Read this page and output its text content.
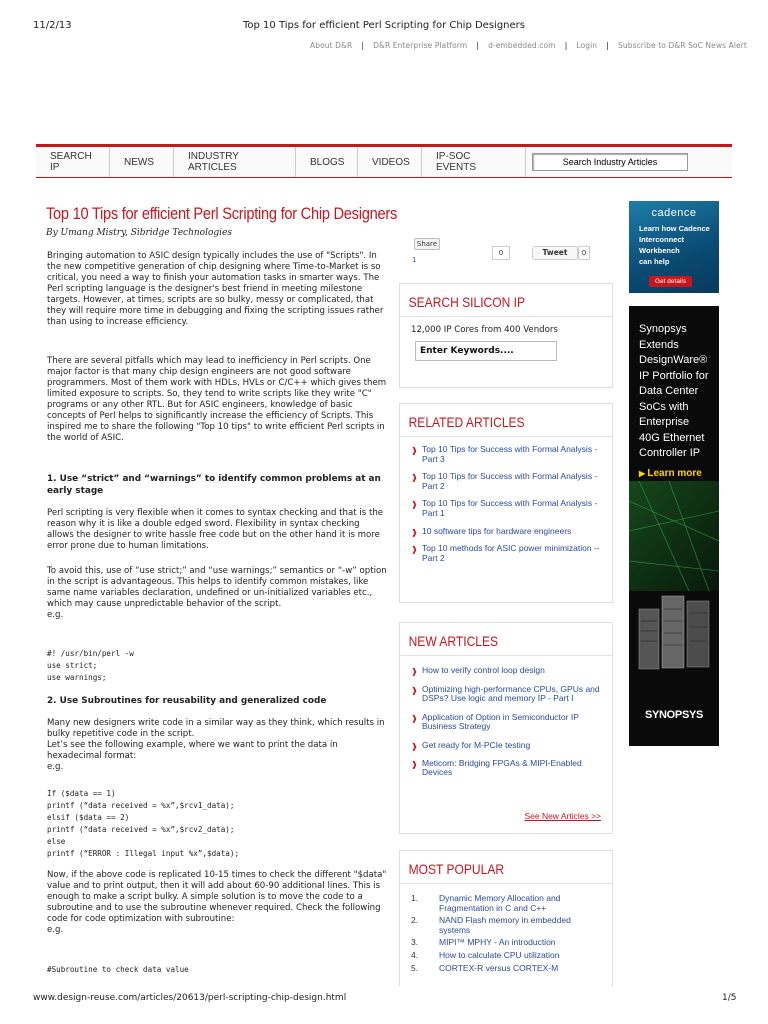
11/2/13	Top 10 Tips for efficient Perl Scripting for Chip Designers
About D&R | D&R Enterprise Platform | d-embedded.com | Login | Subscribe to D&R SoC News Alert
SEARCH IP	NEWS	INDUSTRY ARTICLES	BLOGS	VIDEOS	IP-SOC EVENTS	Search Industry Articles
Top 10 Tips for efficient Perl Scripting for Chip Designers
By Umang Mistry, Sibridge Technologies

Bringing automation to ASIC design typically includes the use of "Scripts". In the new competitive generation of chip designing where Time-to-Market is so critical, you need a way to finish your automation tasks in smarter ways. The Perl scripting language is the designer's best friend in meeting milestone targets. However, at times, scripts are so bulky, messy or complicated, that they will require more time in debugging and fixing the scripting issues rather than using to increase efficiency.

There are several pitfalls which may lead to inefficiency in Perl scripts. One major factor is that many chip design engineers are not good software programmers. Most of them work with HDLs, HVLs or C/C++ which gives them limited exposure to scripts. So, they tend to write scripts like they write "C" programs or any other RTL. But for ASIC engineers, knowledge of basic concepts of Perl helps to significantly increase the efficiency of Scripts. This inspired me to share the following "Top 10 tips" to write efficient Perl scripts in the world of ASIC.

1. Use “strict” and “warnings” to identify common problems at an early stage

Perl scripting is very flexible when it comes to syntax checking and that is the reason why it is like a double edged sword. Flexibility in syntax checking allows the designer to write hassle free code but on the other hand it is more error prone due to human limitations.

To avoid this, use of “use strict;” and “use warnings;” semantics or “-w” option in the script is advantageous. This helps to identify common mistakes, like same name variables declaration, undefined or un-initialized variables etc., which may cause unpredictable behavior of the script.

e.g.

#! /usr/bin/perl -w
use strict;
use warnings;
2. Use Subroutines for reusability and generalized code

Many new designers write code in a similar way as they think, which results in bulky repetitive code in the script.

Let’s see the following example, where we want to print the data in hexadecimal format:

e.g.

If ($data == 1)
printf (“data received = %x”,$rcv1_data);
elsif ($data == 2)
printf (“data received = %x”,$rcv2_data);
else
printf (“ERROR : Illegal input %x”,$data);

Now, if the above code is replicated 10-15 times to check the different "$data" value and to print output, then it will add about 60-90 additional lines. This is enough to make a script bulky. A simple solution is to move the code to a subroutine and to use the subroutine whenever required. Check the following code for code optimization with subroutine:

e.g.

#Subroutine to check data value
Share
1
0	Tweet	0
SEARCH SILICON IP
12,000 IP Cores from 400 Vendors
Enter Keywords....
RELATED ARTICLES
❱ Top 10 Tips for Success with Formal Analysis - Part 3
❱ Top 10 Tips for Success with Formal Analysis - Part 2
❱ Top 10 Tips for Success with Formal Analysis - Part 1
❱ 10 software tips for hardware engineers
❱ Top 10 methods for ASIC power minimization -- Part 2
NEW ARTICLES
❱ How to verify control loop design
❱ Optimizing high-performance CPUs, GPUs and DSPs? Use logic and memory IP - Part I
❱ Application of Option in Semiconductor IP Business Strategy
❱ Get ready for M-PCIe testing
❱ Meticom: Bridging FPGAs & MIPI-Enabled Devices
See New Articles >>
MOST POPULAR
1. Dynamic Memory Allocation and Fragmentation in C and C++
2. NAND Flash memory in embedded systems
3. MIPI™ MPHY - An introduction
4. How to calculate CPU utilization
5. CORTEX-R versus CORTEX-M
cadence
Learn how Cadence
Interconnect
Workbench
can help
Get details
Synopsys
Extends
DesignWare®
IP Portfolio for
Data Center
SoCs with
Enterprise
40G Ethernet
Controller IP
▶ Learn more
SYNOPSYS
www.design-reuse.com/articles/20613/perl-scripting-chip-design.html	1/5
